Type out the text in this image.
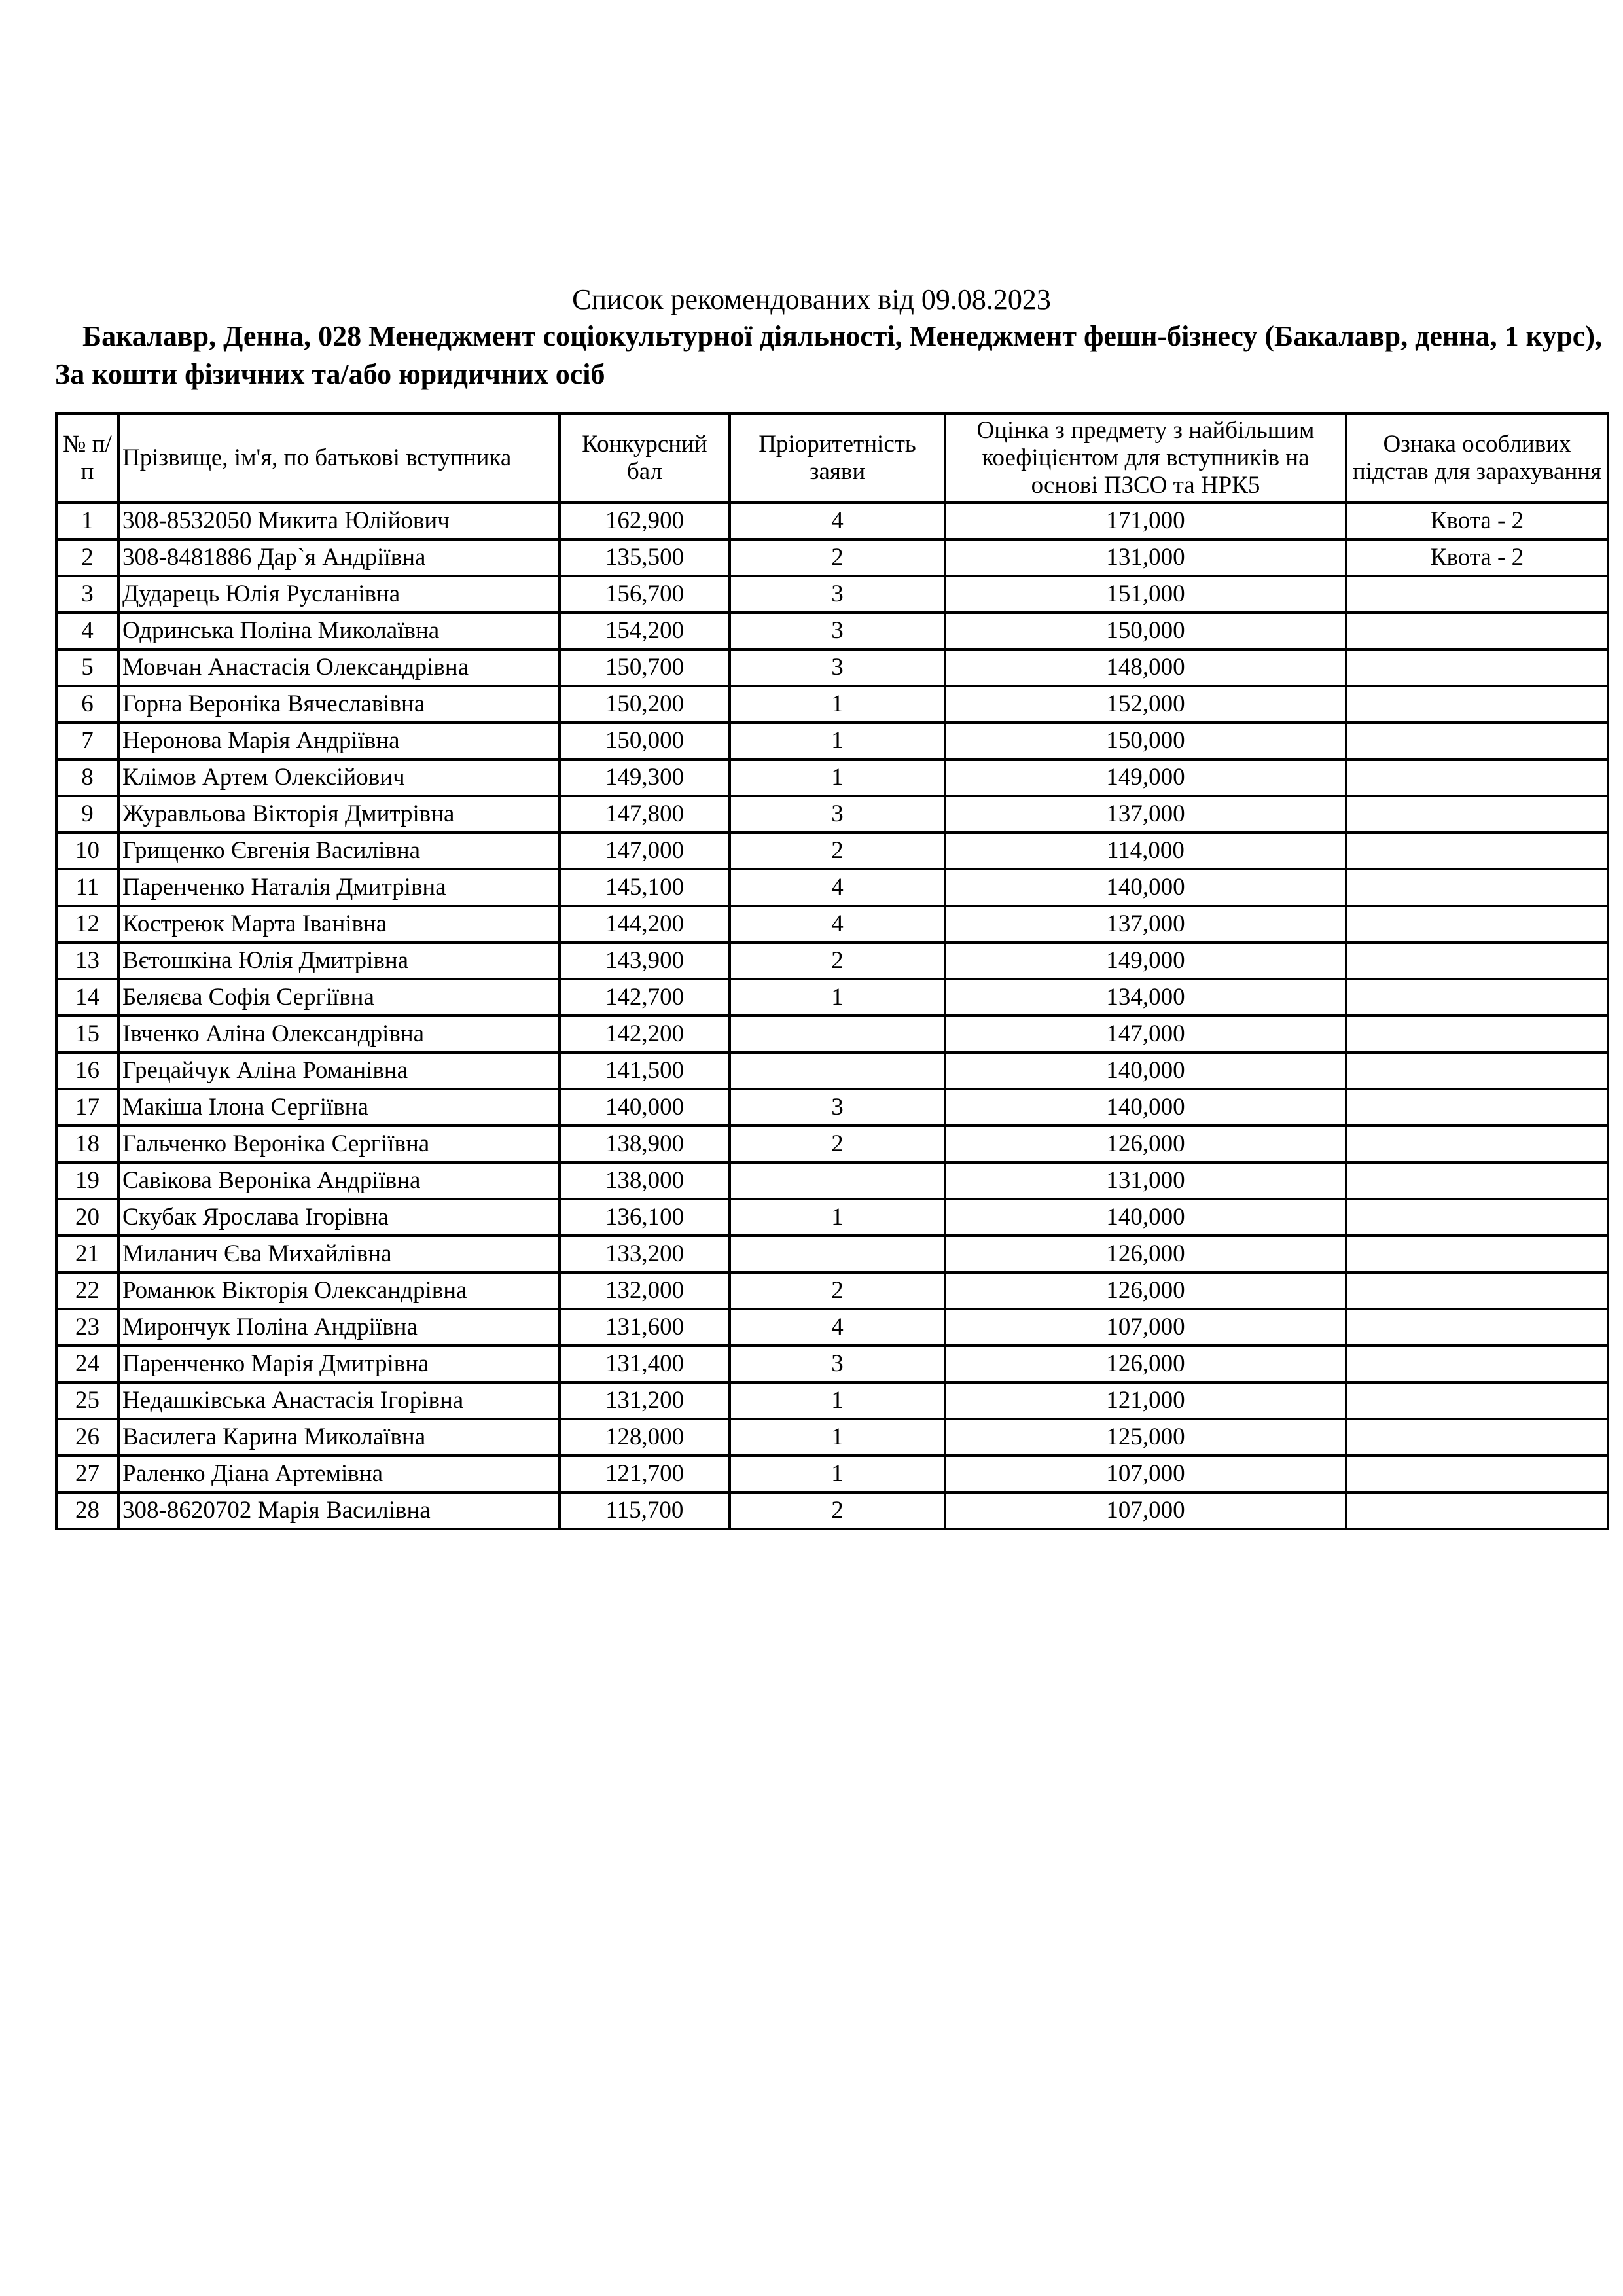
Список рекомендованих від 09.08.2023
Бакалавр, Денна, 028 Менеджмент соціокультурної діяльності, Менеджмент фешн-бізнесу (Бакалавр, денна, 1 курс), За кошти фізичних та/або юридичних осіб
№ п/п	Прізвище, ім'я, по батькові вступника	Конкурсний бал	Пріоритетність заяви	Оцінка з предмету з найбільшим коефіцієнтом для вступників на основі ПЗСО та НРК5	Ознака особливих підстав для зарахування
1	308-8532050 Микита Юлійович	162,900	4	171,000	Квота - 2
2	308-8481886 Дар`я Андріївна	135,500	2	131,000	Квота - 2
3	Дударець Юлія Русланівна	156,700	3	151,000	
4	Одринська Поліна Миколаївна	154,200	3	150,000	
5	Мовчан Анастасія Олександрівна	150,700	3	148,000	
6	Горна Вероніка Вячеславівна	150,200	1	152,000	
7	Неронова Марія Андріївна	150,000	1	150,000	
8	Клімов Артем Олексійович	149,300	1	149,000	
9	Журавльова Вікторія Дмитрівна	147,800	3	137,000	
10	Грищенко Євгенія Василівна	147,000	2	114,000	
11	Паренченко Наталія Дмитрівна	145,100	4	140,000	
12	Костреюк Марта Іванівна	144,200	4	137,000	
13	Вєтошкіна Юлія Дмитрівна	143,900	2	149,000	
14	Беляєва Софія Сергіївна	142,700	1	134,000	
15	Івченко Аліна Олександрівна	142,200		147,000	
16	Грецайчук Аліна Романівна	141,500		140,000	
17	Макіша Ілона Сергіївна	140,000	3	140,000	
18	Гальченко Вероніка Сергіївна	138,900	2	126,000	
19	Савікова Вероніка Андріївна	138,000		131,000	
20	Скубак Ярослава Ігорівна	136,100	1	140,000	
21	Миланич Єва Михайлівна	133,200		126,000	
22	Романюк Вікторія Олександрівна	132,000	2	126,000	
23	Мирончук Поліна Андріївна	131,600	4	107,000	
24	Паренченко Марія Дмитрівна	131,400	3	126,000	
25	Недашківська Анастасія Ігорівна	131,200	1	121,000	
26	Василега Карина Миколаївна	128,000	1	125,000	
27	Раленко Діана Артемівна	121,700	1	107,000	
28	308-8620702 Марія Василівна	115,700	2	107,000	
